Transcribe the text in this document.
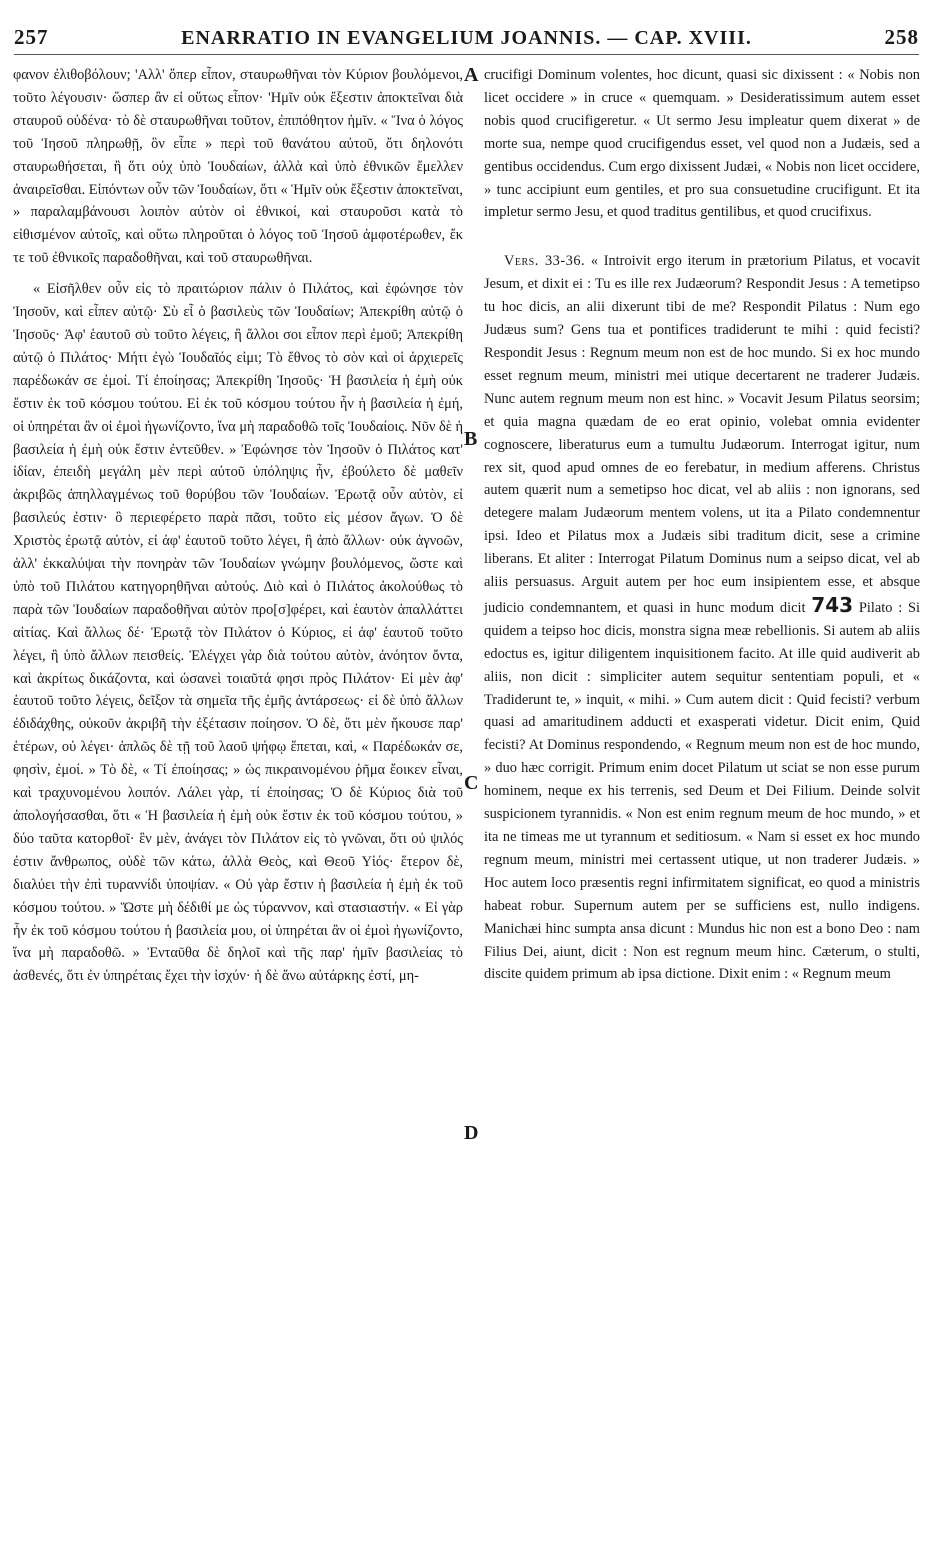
257	ENARRATIO IN EVANGELIUM JOANNIS. — CAP. XVIII.	258
A
B
C
D

φανον ἐλιθοβόλουν; 'Αλλ' ὅπερ εἶπον, σταυρωθῆναι τὸν Κύριον βουλόμενοι, τοῦτο λέγουσιν· ὥσπερ ἂν εἰ οὕτως εἶπον· 'Ημῖν οὐκ ἔξεστιν ἀποκτεῖναι διὰ σταυροῦ οὐδένα· τὸ δὲ σταυρωθῆναι τοῦτον, ἐπιπόθητον ἡμῖν. « Ἵνα ὁ λόγος τοῦ Ἰησοῦ πληρωθῇ, ὃν εἶπε » περὶ τοῦ θανάτου αὐτοῦ, ὅτι δηλονότι σταυρωθήσεται, ἢ ὅτι οὐχ ὑπὸ Ἰουδαίων, ἀλλὰ καὶ ὑπὸ ἐθνικῶν ἔμελλεν ἀναιρεῖσθαι. Εἰπόντων οὖν τῶν Ἰουδαίων, ὅτι « Ἡμῖν οὐκ ἔξεστιν ἀποκτεῖναι, » παραλαμβάνουσι λοιπὸν αὐτὸν οἱ ἐθνικοί, καὶ σταυροῦσι κατὰ τὸ εἰθισμένον αὐτοῖς, καὶ οὕτω πληροῦται ὁ λόγος τοῦ Ἰησοῦ ἀμφοτέρωθεν, ἔκ τε τοῦ ἐθνικοῖς παραδοθῆναι, καὶ τοῦ σταυρωθῆναι.

« Εἰσῆλθεν οὖν εἰς τὸ πραιτώριον πάλιν ὁ Πιλάτος, καὶ ἐφώνησε τὸν Ἰησοῦν, καὶ εἶπεν αὐτῷ· Σὺ εἶ ὁ βασιλεὺς τῶν Ἰουδαίων; Ἀπεκρίθη αὐτῷ ὁ Ἰησοῦς· Ἀφ' ἑαυτοῦ σὺ τοῦτο λέγεις, ἢ ἄλλοι σοι εἶπον περὶ ἐμοῦ; Ἀπεκρίθη αὐτῷ ὁ Πιλάτος· Μήτι ἐγὼ Ἰουδαῖός εἰμι; Τὸ ἔθνος τὸ σὸν καὶ οἱ ἀρχιερεῖς παρέδωκάν σε ἐμοί. Τί ἐποίησας; Ἀπεκρίθη Ἰησοῦς· Ἡ βασιλεία ἡ ἐμὴ οὐκ ἔστιν ἐκ τοῦ κόσμου τούτου. Εἰ ἐκ τοῦ κόσμου τούτου ἦν ἡ βασιλεία ἡ ἐμή, οἱ ὑπηρέται ἂν οἱ ἐμοὶ ἠγωνίζοντο, ἵνα μὴ παραδοθῶ τοῖς Ἰουδαίοις. Νῦν δὲ ἡ βασιλεία ἡ ἐμὴ οὐκ ἔστιν ἐντεῦθεν. » Ἐφώνησε τὸν Ἰησοῦν ὁ Πιλάτος κατ' ἰδίαν, ἐπειδὴ μεγάλη μὲν περὶ αὐτοῦ ὑπόληψις ἦν, ἐβούλετο δὲ μαθεῖν ἀκριβῶς ἀπηλλαγμένως τοῦ θορύβου τῶν Ἰουδαίων. Ἐρωτᾷ οὖν αὐτὸν, εἰ βασιλεύς ἐστιν· ὃ περιεφέρετο παρὰ πᾶσι, τοῦτο εἰς μέσον ἄγων. Ὁ δὲ Χριστὸς ἐρωτᾷ αὐτὸν, εἰ ἀφ' ἑαυτοῦ τοῦτο λέγει, ἢ ἀπὸ ἄλλων· οὐκ ἀγνοῶν, ἀλλ' ἐκκαλύψαι τὴν πονηρὰν τῶν Ἰουδαίων γνώμην βουλόμενος, ὥστε καὶ ὑπὸ τοῦ Πιλάτου κατηγορηθῆναι αὐτούς. Διὸ καὶ ὁ Πιλάτος ἀκολούθως τὸ παρὰ τῶν Ἰουδαίων παραδοθῆναι αὐτὸν προ[σ]φέρει, καὶ ἑαυτὸν ἀπαλλάττει αἰτίας. Καὶ ἄλλως δέ· Ἐρωτᾷ τὸν Πιλάτον ὁ Κύριος, εἰ ἀφ' ἑαυτοῦ τοῦτο λέγει, ἢ ὑπὸ ἄλλων πεισθείς. Ἐλέγχει γὰρ διὰ τούτου αὐτὸν, ἀνόητον ὄντα, καὶ ἀκρίτως δικάζοντα, καὶ ὡσανεὶ τοιαῦτά φησι πρὸς Πιλάτον· Εἰ μὲν ἀφ' ἑαυτοῦ τοῦτο λέγεις, δεῖξον τὰ σημεῖα τῆς ἐμῆς ἀντάρσεως· εἰ δὲ ὑπὸ ἄλλων ἐδιδάχθης, οὐκοῦν ἀκριβῆ τὴν ἐξέτασιν ποίησον. Ὁ δὲ, ὅτι μὲν ἤκουσε παρ' ἑτέρων, οὐ λέγει· ἁπλῶς δὲ τῇ τοῦ λαοῦ ψήφῳ ἕπεται, καὶ, « Παρέδωκάν σε, φησὶν, ἐμοί. » Τὸ δὲ, « Τί ἐποίησας; » ὡς πικραινομένου ῥῆμα ἔοικεν εἶναι, καὶ τραχυνομένου λοιπόν. Λάλει γὰρ, τί ἐποίησας; Ὁ δὲ Κύριος διὰ τοῦ ἀπολογήσασθαι, ὅτι « Ἡ βασιλεία ἡ ἐμὴ οὐκ ἔστιν ἐκ τοῦ κόσμου τούτου, » δύο ταῦτα κατορθοῖ· ἓν μὲν, ἀνάγει τὸν Πιλάτον εἰς τὸ γνῶναι, ὅτι οὐ ψιλός ἐστιν ἄνθρωπος, οὐδὲ τῶν κάτω, ἀλλὰ Θεὸς, καὶ Θεοῦ Υἱός· ἕτερον δὲ, διαλύει τὴν ἐπὶ τυραννίδι ὑποψίαν. « Οὐ γὰρ ἔστιν ἡ βασιλεία ἡ ἐμὴ ἐκ τοῦ κόσμου τούτου. » Ὥστε μὴ δέδιθί με ὡς τύραννον, καὶ στασιαστήν. « Εἰ γὰρ ἦν ἐκ τοῦ κόσμου τούτου ἡ βασιλεία μου, οἱ ὑπηρέται ἂν οἱ ἐμοὶ ἠγωνίζοντο, ἵνα μὴ παραδοθῶ. » Ἐνταῦθα δὲ δηλοῖ καὶ τῆς παρ' ἡμῖν βασιλείας τὸ ἀσθενές, ὅτι ἐν ὑπηρέταις ἔχει τὴν ἰσχύν· ἡ δὲ ἄνω αὐτάρκης ἐστί, μη-

crucifigi Dominum volentes, hoc dicunt, quasi sic dixissent : « Nobis non licet occidere » in cruce « quemquam. » Desideratissimum autem esset nobis quod crucifigeretur. « Ut sermo Jesu impleatur quem dixerat » de morte sua, nempe quod crucifigendus esset, vel quod non a Judæis, sed a gentibus occidendus. Cum ergo dixissent Judæi, « Nobis non licet occidere, » tunc accipiunt eum gentiles, et pro sua consuetudine crucifigunt. Et ita impletur sermo Jesu, et quod traditus gentilibus, et quod crucifixus.

Vers. 33-36. « Introivit ergo iterum in prætorium Pilatus, et vocavit Jesum, et dixit ei : Tu es ille rex Judæorum? Respondit Jesus : A temetipso tu hoc dicis, an alii dixerunt tibi de me? Respondit Pilatus : Num ego Judæus sum? Gens tua et pontifices tradiderunt te mihi : quid fecisti? Respondit Jesus : Regnum meum non est de hoc mundo. Si ex hoc mundo esset regnum meum, ministri mei utique decertarent ne traderer Judæis. Nunc autem regnum meum non est hinc. » Vocavit Jesum Pilatus seorsim; et quia magna quædam de eo erat opinio, volebat omnia evidenter cognoscere, liberaturus eum a tumultu Judæorum. Interrogat igitur, num rex sit, quod apud omnes de eo ferebatur, in medium afferens. Christus autem quærit num a semetipso hoc dicat, vel ab aliis : non ignorans, sed detegere malam Judæorum mentem volens, ut ita a Pilato condemnentur ipsi. Ideo et Pilatus mox a Judæis sibi traditum dicit, sese a crimine liberans. Et aliter : Interrogat Pilatum Dominus num a seipso dicat, vel ab aliis persuasus. Arguit autem per hoc eum insipientem esse, et absque judicio condemnantem, et quasi in hunc modum dicit 743 Pilato : Si quidem a teipso hoc dicis, monstra signa meæ rebellionis. Si autem ab aliis edoctus es, igitur diligentem inquisitionem facito. At ille quid audiverit ab aliis, non dicit : simpliciter autem sequitur sententiam populi, et « Tradiderunt te, » inquit, « mihi. » Cum autem dicit : Quid fecisti? verbum quasi ad amaritudinem adducti et exasperati videtur. Dicit enim, Quid fecisti? At Dominus respondendo, « Regnum meum non est de hoc mundo, » duo hæc corrigit. Primum enim docet Pilatum ut sciat se non esse purum hominem, neque ex his terrenis, sed Deum et Dei Filium. Deinde solvit suspicionem tyrannidis. « Non est enim regnum meum de hoc mundo, » et ita ne timeas me ut tyrannum et seditiosum. « Nam si esset ex hoc mundo regnum meum, ministri mei certassent utique, ut non traderer Judæis. » Hoc autem loco præsentis regni infirmitatem significat, eo quod a ministris habeat robur. Supernum autem per se sufficiens est, nullo indigens. Manichæi hinc sumpta ansa dicunt : Mundus hic non est a bono Deo : nam Filius Dei, aiunt, dicit : Non est regnum meum hinc. Cæterum, o stulti, discite quidem primum ab ipsa dictione. Dixit enim : « Regnum meum
